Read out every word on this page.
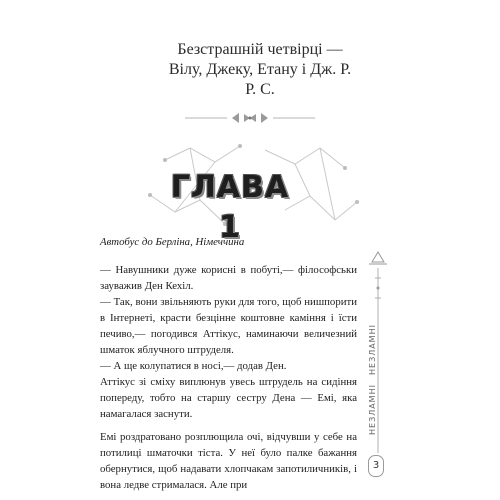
Безстрашній четвірці —
Вілу, Джеку, Етану і Дж. Р.
Р. С.
ГЛАВА 1

Автобус до Берліна, Німеччина

— Навушники дуже корисні в побуті,— філософськи зауважив Ден Кехіл.

— Так, вони звільняють руки для того, щоб нишпорити в Інтернеті, красти безцінне коштовне каміння і їсти печиво,— погодився Аттікус, наминаючи величезний шматок яблучного штруделя.

— А ще колупатися в носі,— додав Ден.

Аттікус зі сміху виплюнув увесь штрудель на сидіння попереду, тобто на старшу сестру Дена — Емі, яка намагалася заснути.

Емі роздратовано розплющила очі, відчувши у себе на потилиці шматочки тіста. У неї було палке бажання обернутися, щоб надавати хлопчакам запотиличників, і вона ледве стрималася. Але при

НЕЗЛАМНІ
НЕЗЛАМНІ
3
